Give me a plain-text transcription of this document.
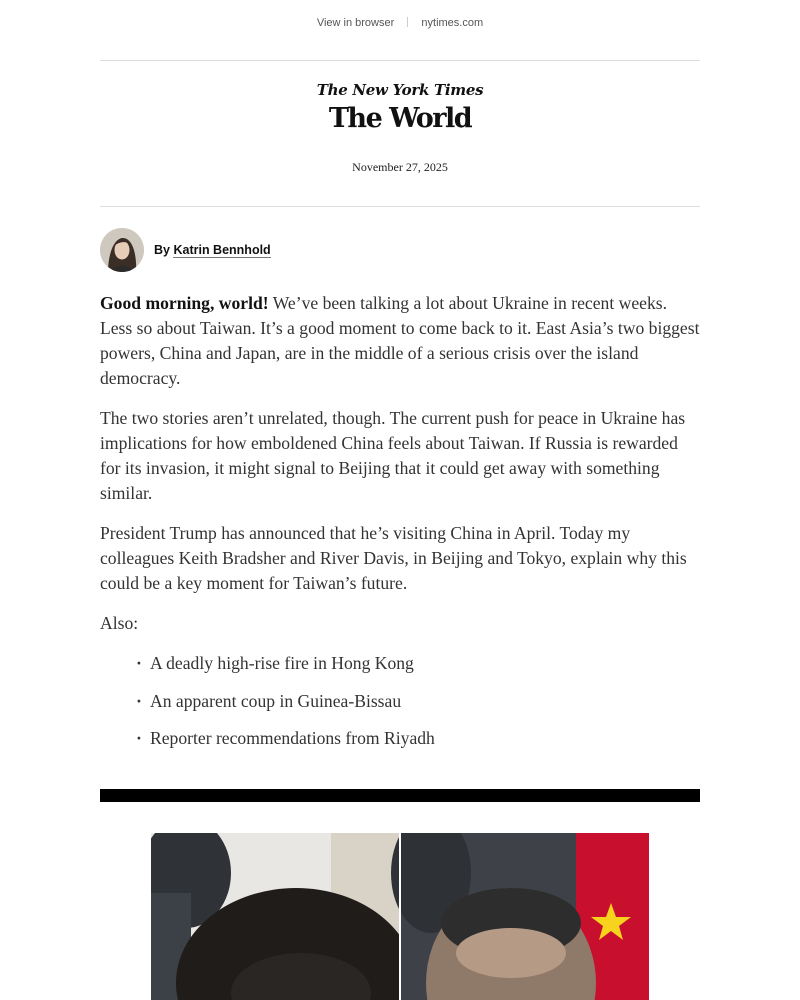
View in browser nytimes.com
The New York Times
The World
November 27, 2025
By Katrin Bennhold

Good morning, world! We’ve been talking a lot about Ukraine in recent weeks. Less so about Taiwan. It’s a good moment to come back to it. East Asia’s two biggest powers, China and Japan, are in the middle of a serious crisis over the island democracy.

The two stories aren’t unrelated, though. The current push for peace in Ukraine has implications for how emboldened China feels about Taiwan. If Russia is rewarded for its invasion, it might signal to Beijing that it could get away with something similar.

President Trump has announced that he’s visiting China in April. Today my colleagues Keith Bradsher and River Davis, in Beijing and Tokyo, explain why this could be a key moment for Taiwan’s future.

Also:

· A deadly high-rise fire in Hong Kong
· An apparent coup in Guinea-Bissau
· Reporter recommendations from Riyadh
